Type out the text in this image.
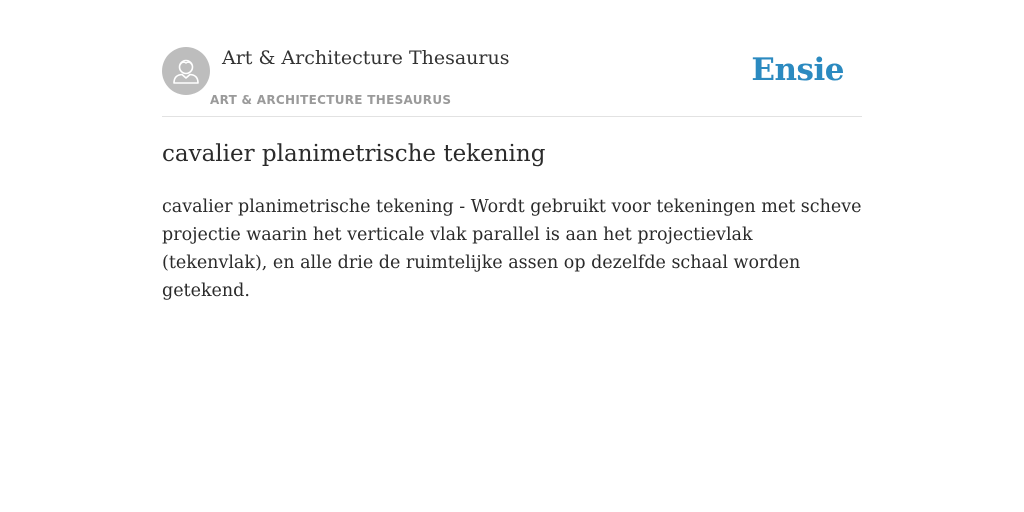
Art & Architecture Thesaurus
ART & ARCHITECTURE THESAURUS
Ensie
cavalier planimetrische tekening

cavalier planimetrische tekening - Wordt gebruikt voor tekeningen met scheve projectie waarin het verticale vlak parallel is aan het projectievlak (tekenvlak), en alle drie de ruimtelijke assen op dezelfde schaal worden getekend.
